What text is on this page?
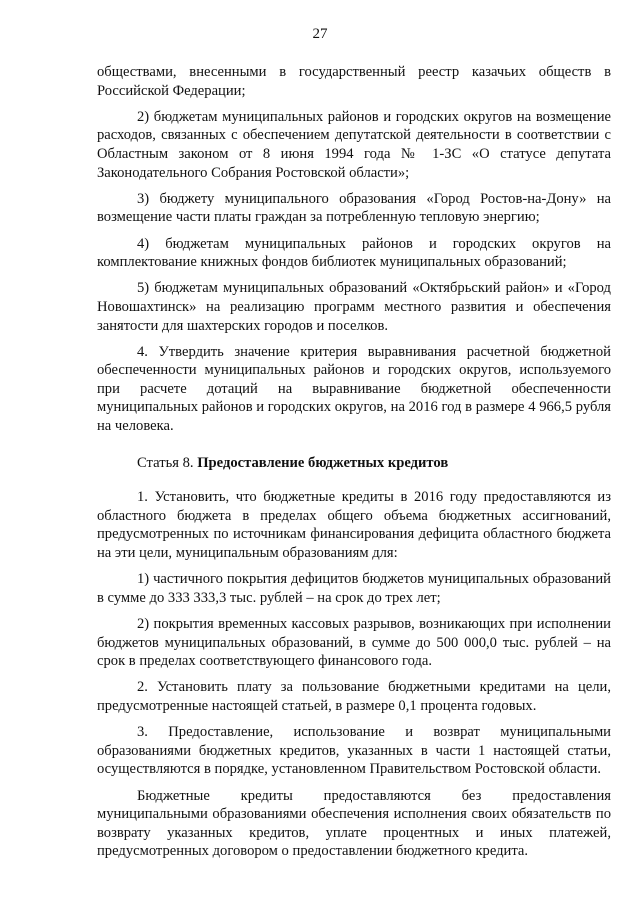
27

обществами, внесенными в государственный реестр казачьих обществ в Российской Федерации;

2) бюджетам муниципальных районов и городских округов на возмещение расходов, связанных с обеспечением депутатской деятельности в соответствии с Областным законом от 8 июня 1994 года № 1-ЗС «О статусе депутата Законодательного Собрания Ростовской области»;

3) бюджету муниципального образования «Город Ростов-на-Дону» на возмещение части платы граждан за потребленную тепловую энергию;

4) бюджетам муниципальных районов и городских округов на комплектование книжных фондов библиотек муниципальных образований;

5) бюджетам муниципальных образований «Октябрьский район» и «Город Новошахтинск» на реализацию программ местного развития и обеспечения занятости для шахтерских городов и поселков.

4. Утвердить значение критерия выравнивания расчетной бюджетной обеспеченности муниципальных районов и городских округов, используемого при расчете дотаций на выравнивание бюджетной обеспеченности муниципальных районов и городских округов, на 2016 год в размере 4 966,5 рубля на человека.

Статья 8. Предоставление бюджетных кредитов

1. Установить, что бюджетные кредиты в 2016 году предоставляются из областного бюджета в пределах общего объема бюджетных ассигнований, предусмотренных по источникам финансирования дефицита областного бюджета на эти цели, муниципальным образованиям для:

1) частичного покрытия дефицитов бюджетов муниципальных образований в сумме до 333 333,3 тыс. рублей – на срок до трех лет;

2) покрытия временных кассовых разрывов, возникающих при исполнении бюджетов муниципальных образований, в сумме до 500 000,0 тыс. рублей – на срок в пределах соответствующего финансового года.

2. Установить плату за пользование бюджетными кредитами на цели, предусмотренные настоящей статьей, в размере 0,1 процента годовых.

3. Предоставление, использование и возврат муниципальными образованиями бюджетных кредитов, указанных в части 1 настоящей статьи, осуществляются в порядке, установленном Правительством Ростовской области.

Бюджетные кредиты предоставляются без предоставления муниципальными образованиями обеспечения исполнения своих обязательств по возврату указанных кредитов, уплате процентных и иных платежей, предусмотренных договором о предоставлении бюджетного кредита.
